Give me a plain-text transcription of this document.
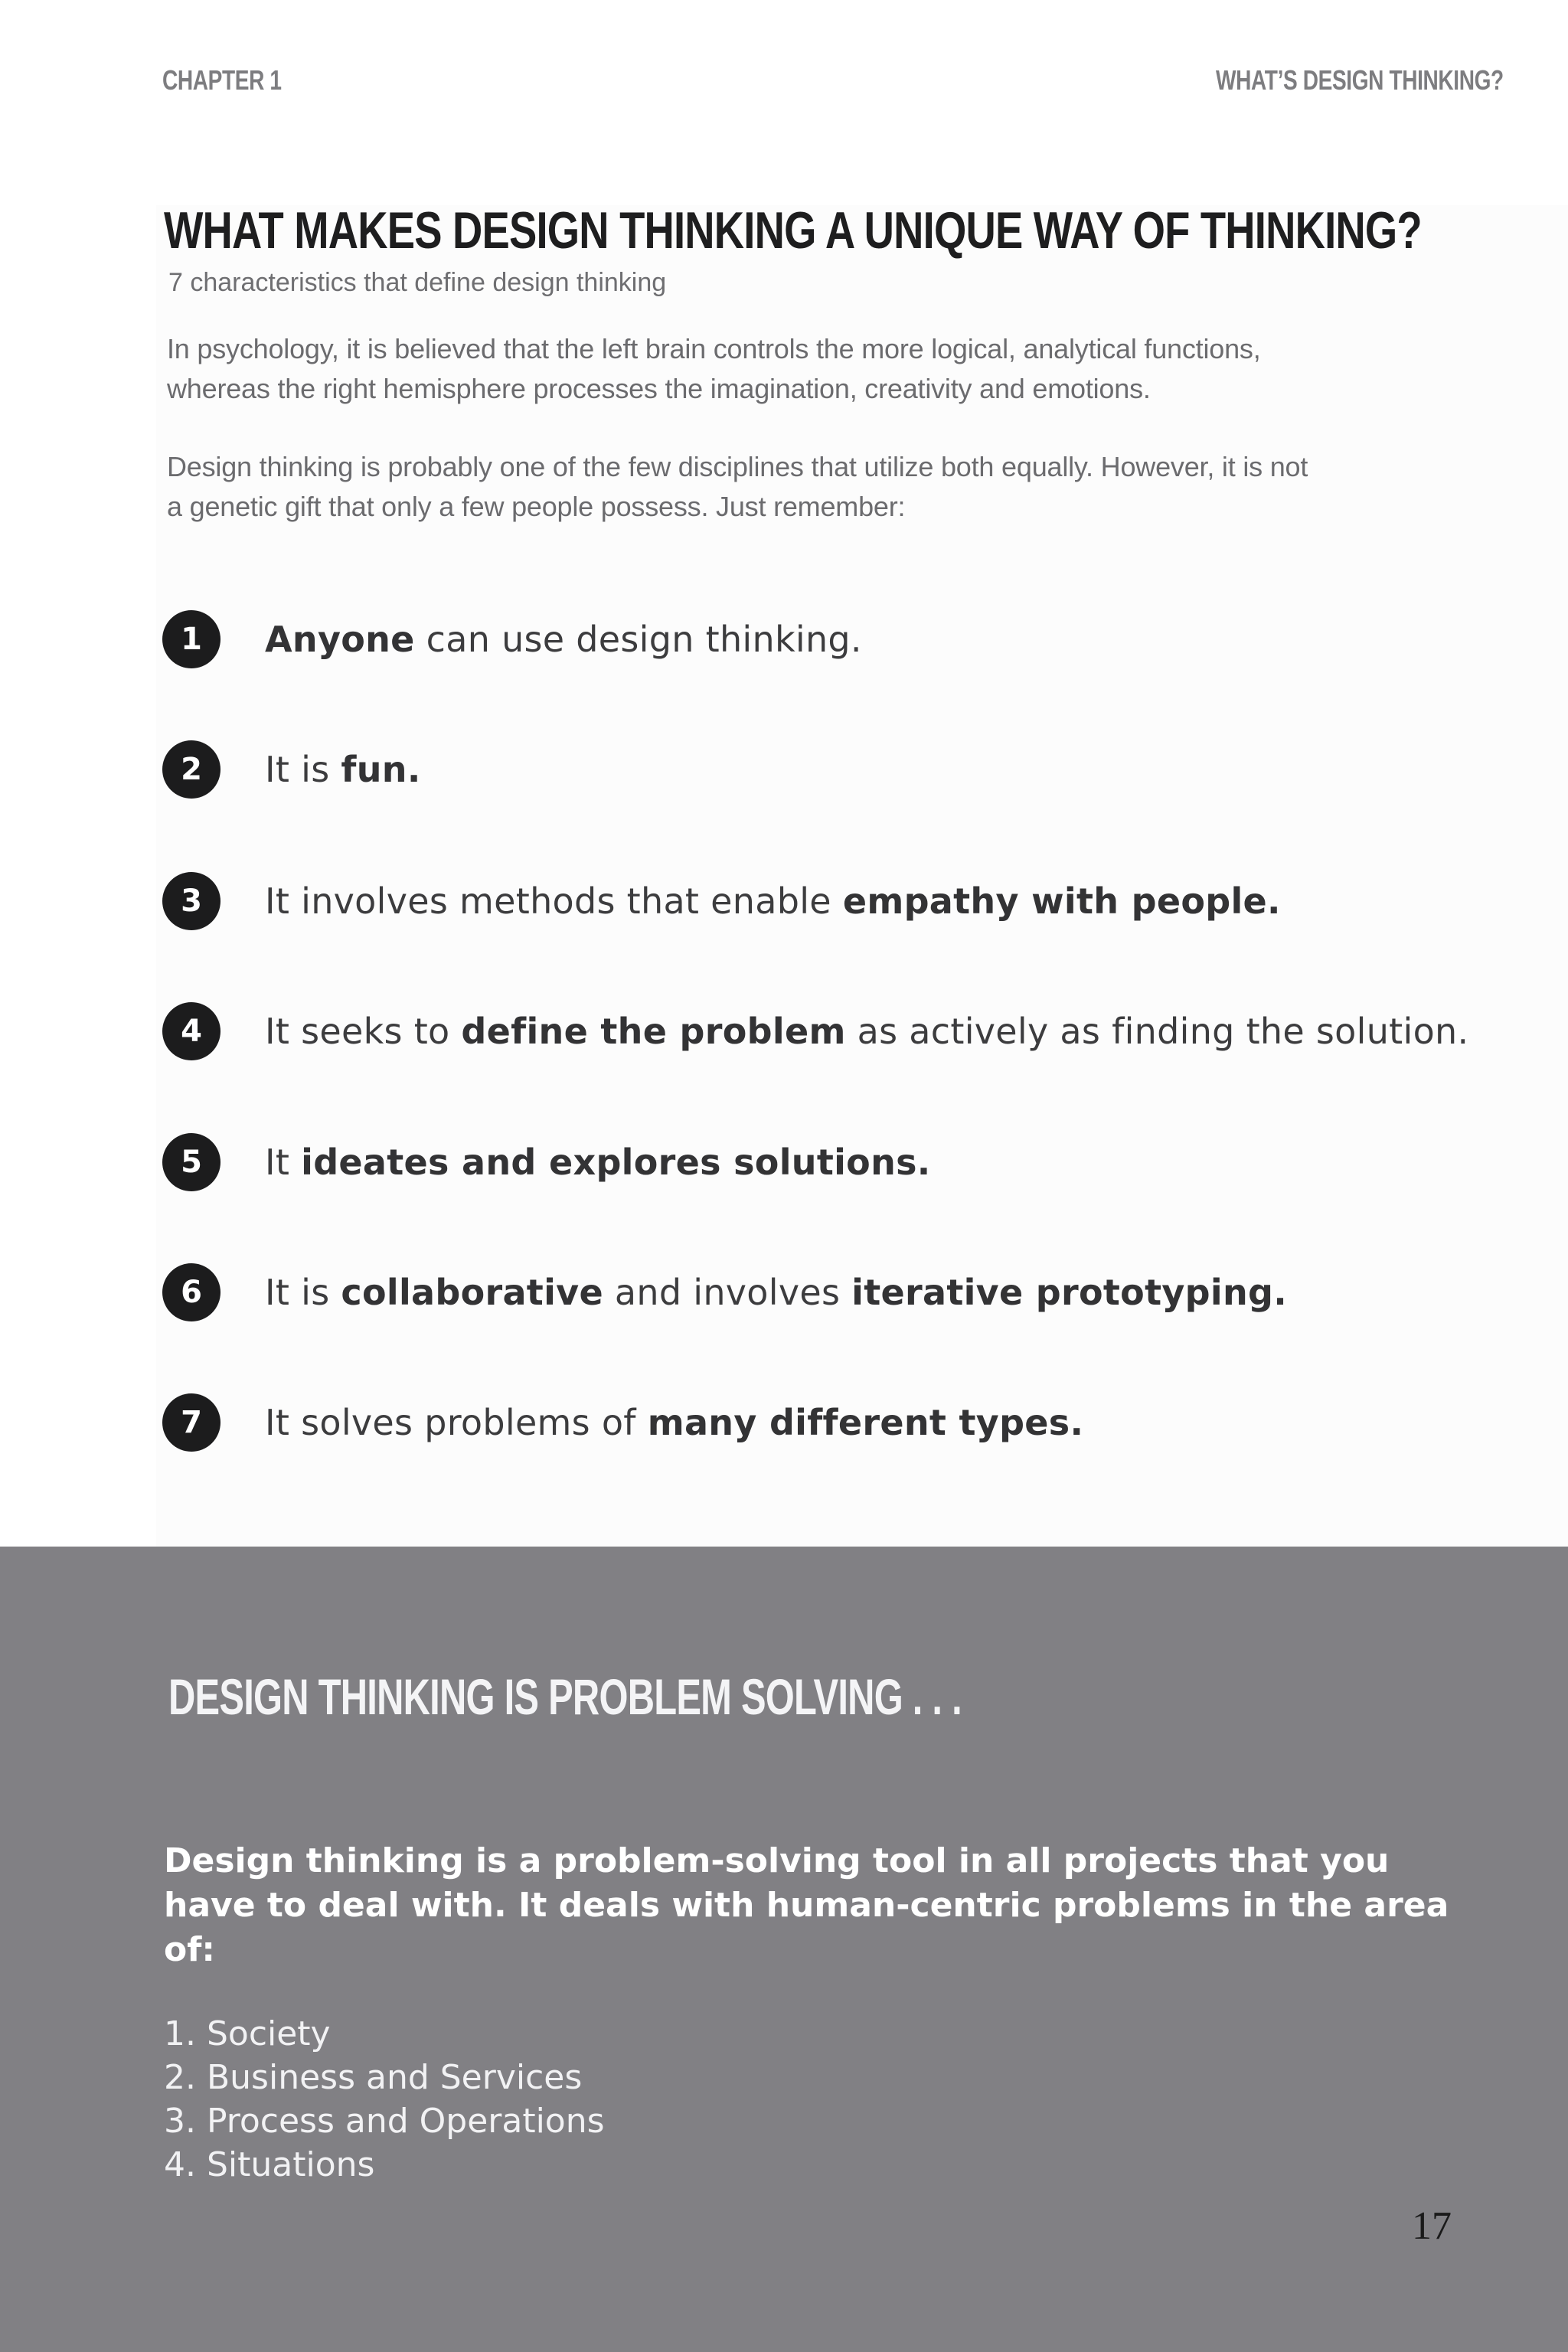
CHAPTER 1	WHAT’S DESIGN THINKING?
WHAT MAKES DESIGN THINKING A UNIQUE WAY OF THINKING?
7 characteristics that define design thinking
In psychology, it is believed that the left brain controls the more logical, analytical functions, whereas the right hemisphere processes the imagination, creativity and emotions.
Design thinking is probably one of the few disciplines that utilize both equally. However, it is not a genetic gift that only a few people possess. Just remember:
1	Anyone can use design thinking.
2	It is fun.
3	It involves methods that enable empathy with people.
4	It seeks to define the problem as actively as finding the solution.
5	It ideates and explores solutions.
6	It is collaborative and involves iterative prototyping.
7	It solves problems of many different types.
DESIGN THINKING IS PROBLEM SOLVING . . .
Design thinking is a problem-solving tool in all projects that you have to deal with. It deals with human-centric problems in the area of:
1. Society
2. Business and Services
3. Process and Operations
4. Situations
17
